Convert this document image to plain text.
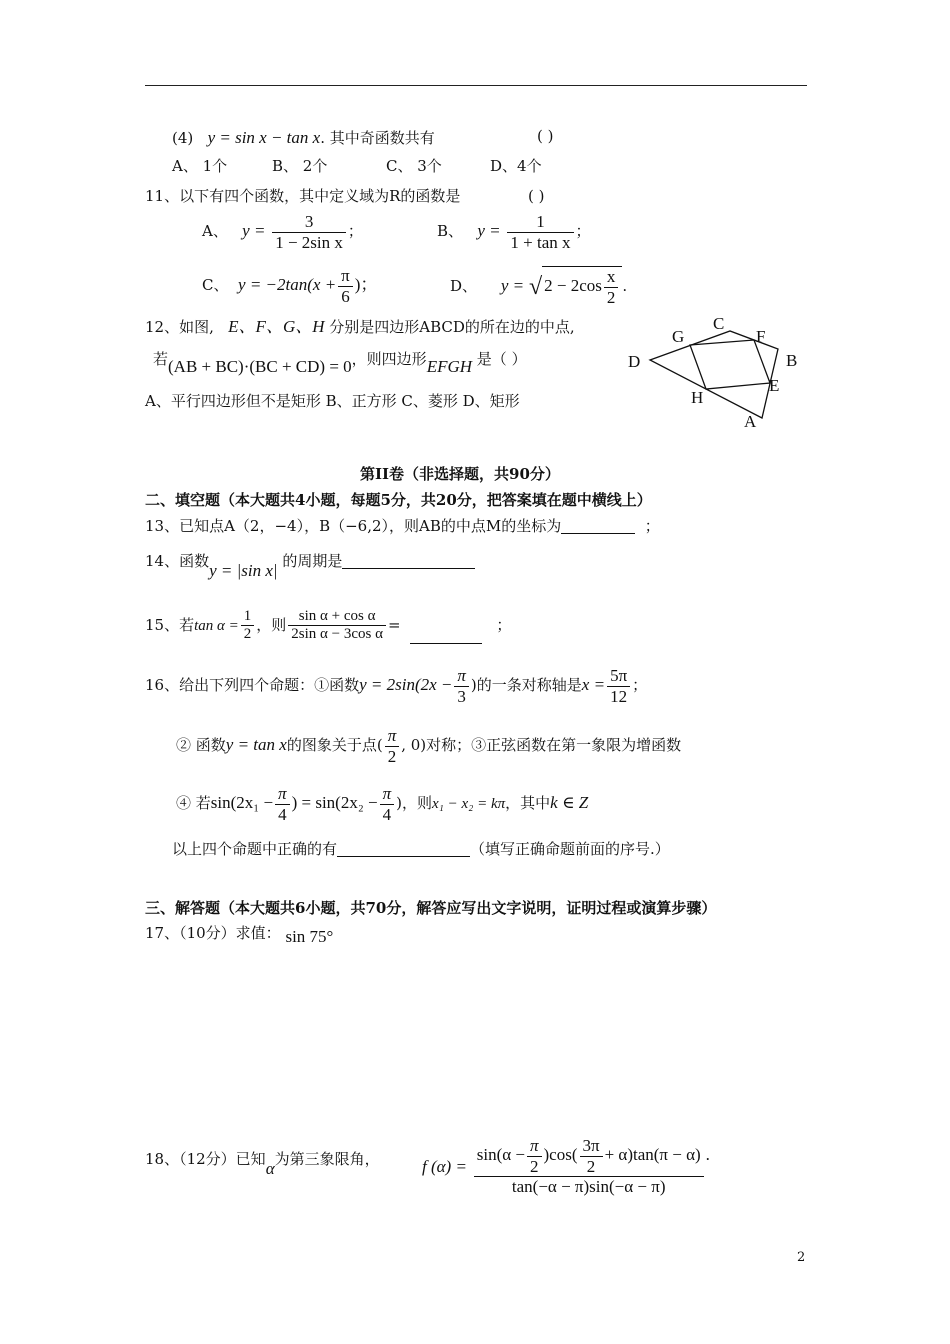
(4) y = sin x − tan x. 其中奇函数共有	( )
A、 1个	B、 2个	C、 3个	D、4个
11、以下有四个函数，其中定义域为R的函数是	( )
A、 $y = \frac{3}{\text{1 − 2sin x}}$ ；	B、 $y = \frac{1}{\text{1 + tan x}}$ ；
C、 $y = -2\tan(x + \frac{\pi}{6}$ )；	D、 y = √ $2 - 2\cos \frac{x}{2}$ .
12、如图, E、F、G、H 分别是四边形ABCD的所在边的中点,
若(AB + BC)·(BC + CD) = 0，则四边形EFGH 是（ ）
A、平行四边形但不是矩形 B、正方形 C、菱形 D、矩形
A
B
C
D
E
F
G
H
第II卷（非选择题，共90分）
二、填空题（本大题共4小题，每题5分，共20分，把答案填在题中横线上）
13、已知点A（2，−4），B（−6,2），则AB的中点M的坐标为	；
14、函数y = |sin x| 的周期是
15、若$\tan \alpha = \frac{1}{2}$ ，则 $\frac{\text{sin α + cos α}}{\text{2sin α − 3cos α}}$ =	；
16、给出下列四个命题：①函数$y = 2\sin(2x - \frac{\pi}{3}$ )的一条对称轴是$x = \frac{5\pi}{12}$ ；
② 函数y = tan x的图象关于点( $\frac{\pi}{2}$ , 0)对称；③正弦函数在第一象限为增函数
④ 若$\sin(2x_1 - \frac{\pi}{4}$ ) = $\sin(2x_2 - \frac{\pi}{4}$ )，则x₁ − x₂ = kπ，其中k ∈ Z
以上四个命题中正确的有	（填写正确命题前面的序号.）
三、解答题（本大题共6小题，共70分，解答应写出文字说明，证明过程或演算步骤）
17、（10分）求值： sin 75°
18、（12分）已知α为第三象限角， f $(\alpha) = \frac{\sin(\alpha - \frac{\pi}{2} )\cos( \frac{3\pi}{2} + \alpha)\tan(\pi - \alpha)}{\tan(-\alpha - \pi)\sin(-\alpha - \pi)}$ .
2
